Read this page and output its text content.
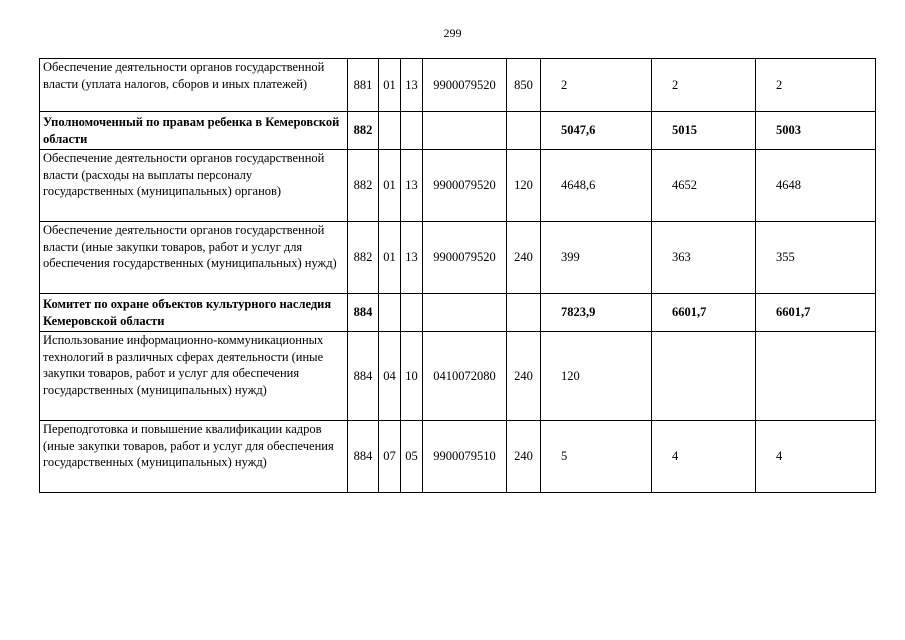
299
Обеспечение деятельности органов государственной власти (уплата налогов, сборов и иных платежей)	881	01	13	9900079520	850	2	2	2
Уполномоченный по правам ребенка в Кемеровской области	882					5047,6	5015	5003
Обеспечение деятельности органов государственной власти (расходы на выплаты персоналу государственных (муниципальных) органов)	882	01	13	9900079520	120	4648,6	4652	4648
Обеспечение деятельности органов государственной власти (иные закупки товаров, работ и услуг для обеспечения государственных (муниципальных) нужд)	882	01	13	9900079520	240	399	363	355
Комитет по охране объектов культурного наследия Кемеровской области	884					7823,9	6601,7	6601,7
Использование информационно-коммуникационных технологий в различных сферах деятельности (иные закупки товаров, работ и услуг для обеспечения государственных (муниципальных) нужд)	884	04	10	0410072080	240	120		
Переподготовка и повышение квалификации кадров (иные закупки товаров, работ и услуг для обеспечения государственных (муниципальных) нужд)	884	07	05	9900079510	240	5	4	4
